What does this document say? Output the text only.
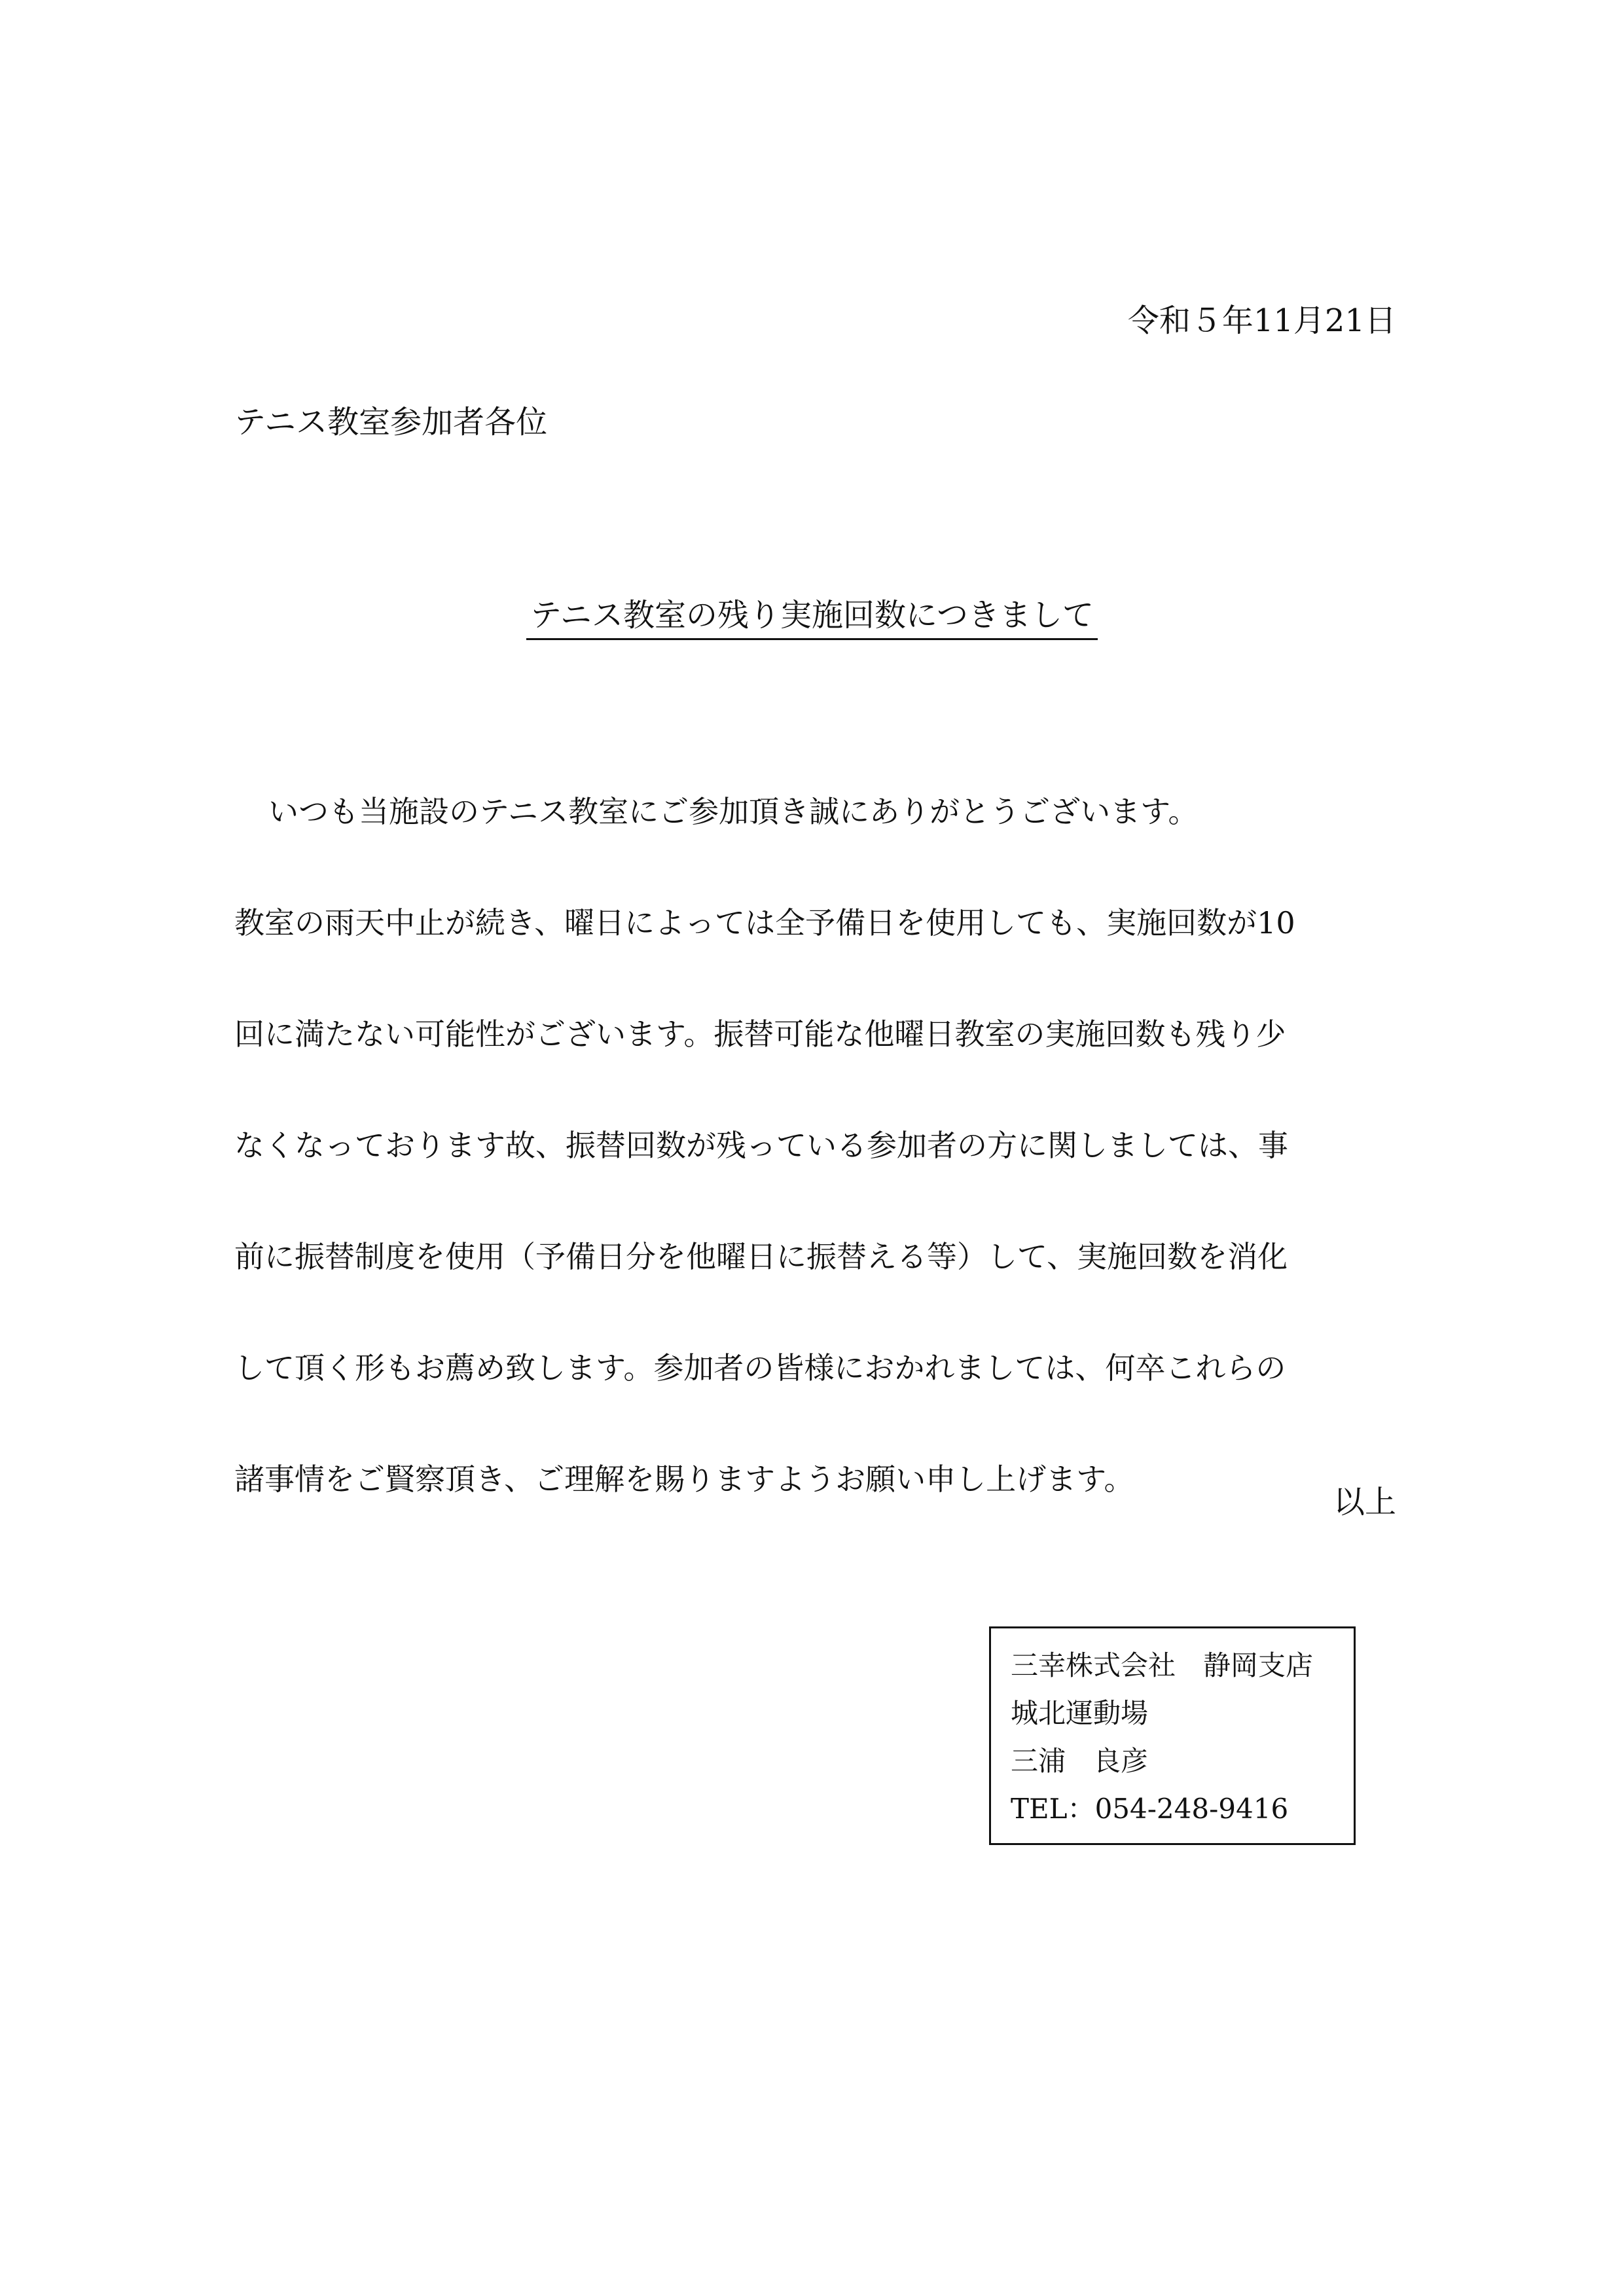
令和５年11月21日
テニス教室参加者各位
テニス教室の残り実施回数につきまして

いつも当施設のテニス教室にご参加頂き誠にありがとうございます。

教室の雨天中止が続き、曜日によっては全予備日を使用しても、実施回数が10

回に満たない可能性がございます。振替可能な他曜日教室の実施回数も残り少

なくなっております故、振替回数が残っている参加者の方に関しましては、事

前に振替制度を使用（予備日分を他曜日に振替える等）して、実施回数を消化

して頂く形もお薦め致します。参加者の皆様におかれましては、何卒これらの

諸事情をご賢察頂き、ご理解を賜りますようお願い申し上げます。

以上
三幸株式会社　静岡支店
城北運動場
三浦　良彦
TEL：054-248-9416
